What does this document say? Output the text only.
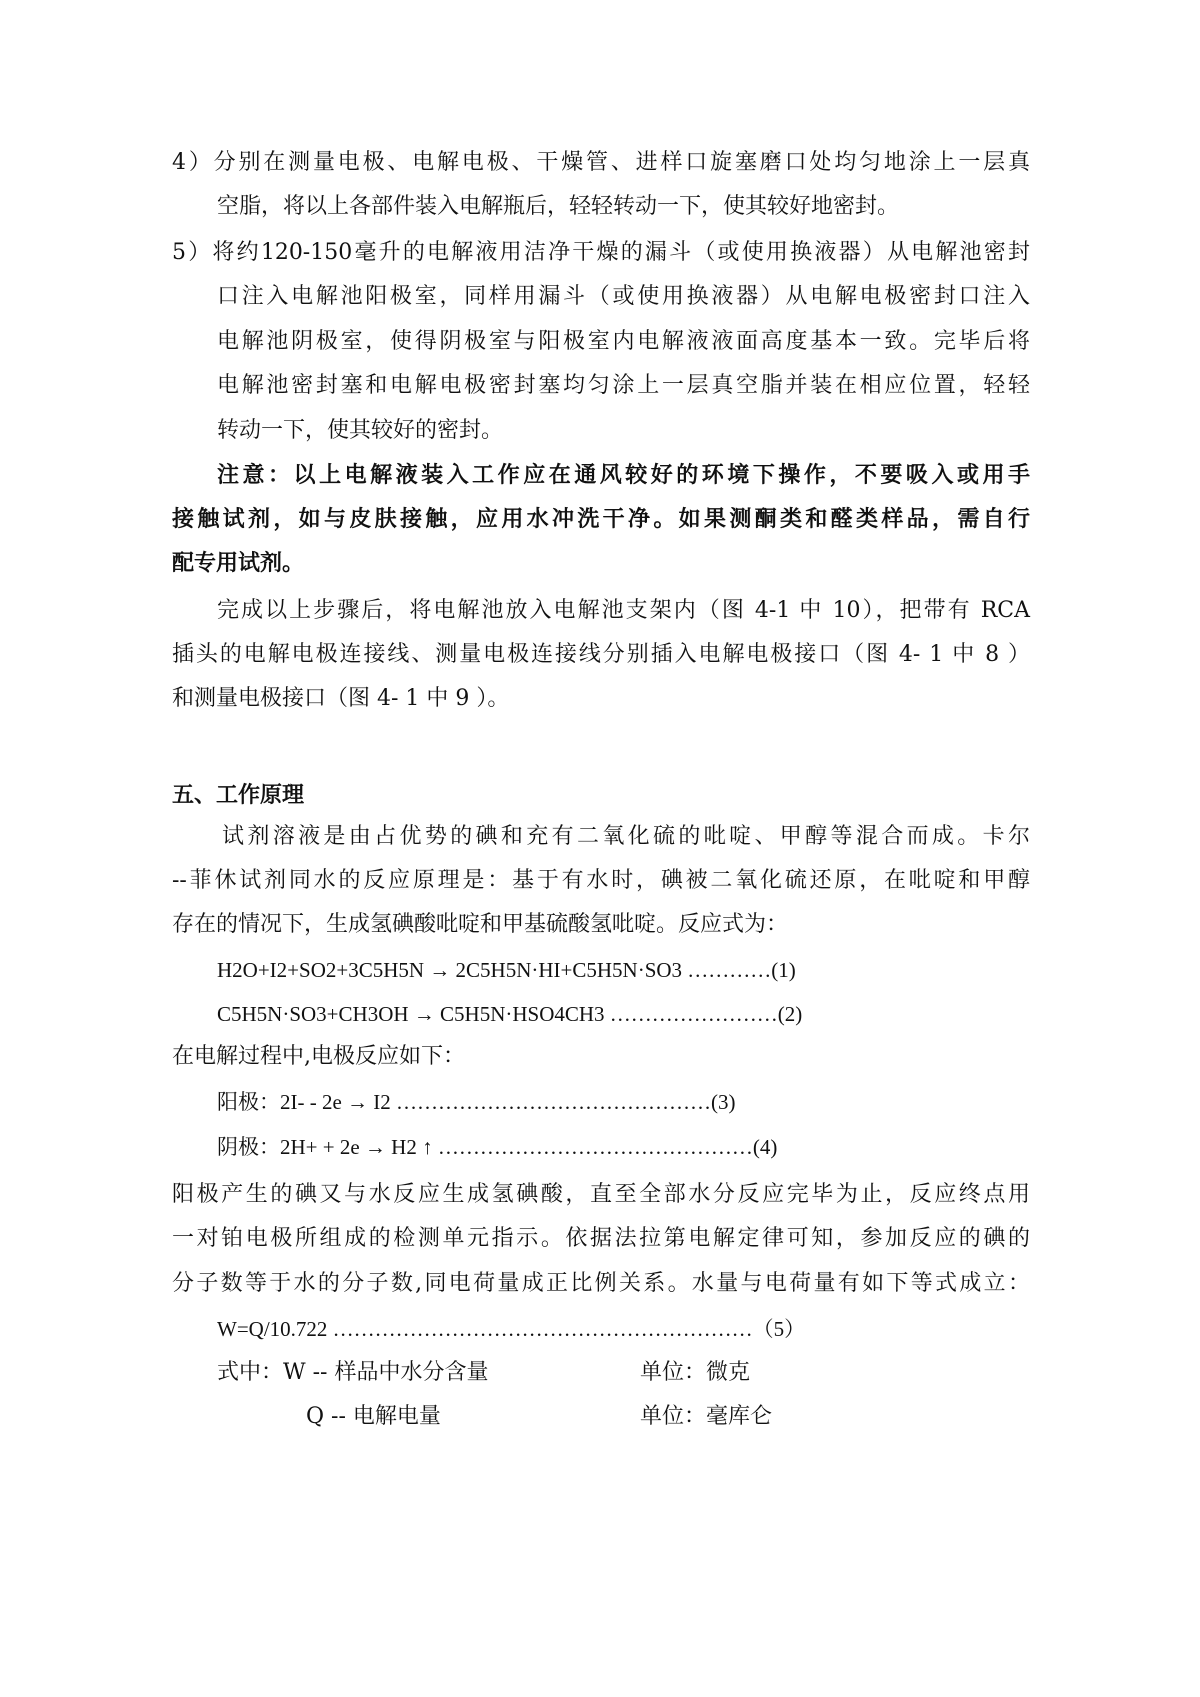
4）分别在测量电极、电解电极、干燥管、进样口旋塞磨口处均匀地涂上一层真
空脂，将以上各部件装入电解瓶后，轻轻转动一下，使其较好地密封。
5）将约120-150毫升的电解液用洁净干燥的漏斗（或使用换液器）从电解池密封
口注入电解池阳极室，同样用漏斗（或使用换液器）从电解电极密封口注入
电解池阴极室，使得阴极室与阳极室内电解液液面高度基本一致。完毕后将
电解池密封塞和电解电极密封塞均匀涂上一层真空脂并装在相应位置，轻轻
转动一下，使其较好的密封。
注意：以上电解液装入工作应在通风较好的环境下操作，不要吸入或用手
接触试剂，如与皮肤接触，应用水冲洗干净。如果测酮类和醛类样品，需自行
配专用试剂。
完成以上步骤后，将电解池放入电解池支架内（图 4-1 中 10），把带有 RCA
插头的电解电极连接线、测量电极连接线分别插入电解电极接口（图 4- 1 中 8 ）
和测量电极接口（图 4- 1 中 9 ）。
五、工作原理
试剂溶液是由占优势的碘和充有二氧化硫的吡啶、甲醇等混合而成。卡尔
--菲休试剂同水的反应原理是：基于有水时，碘被二氧化硫还原，在吡啶和甲醇
存在的情况下，生成氢碘酸吡啶和甲基硫酸氢吡啶。反应式为：
H2O+I2+SO2+3C5H5N → 2C5H5N·HI+C5H5N·SO3 …………(1)
C5H5N·SO3+CH3OH → C5H5N·HSO4CH3 ……………………(2)
在电解过程中,电极反应如下：
阳极：2I- - 2e → I2 ………………………………………(3)
阴极：2H+ + 2e → H2 ↑ ………………………………………(4)
阳极产生的碘又与水反应生成氢碘酸，直至全部水分反应完毕为止，反应终点用
一对铂电极所组成的检测单元指示。依据法拉第电解定律可知，参加反应的碘的
分子数等于水的分子数,同电荷量成正比例关系。水量与电荷量有如下等式成立：
W=Q/10.722 ……………………………………………………（5）
式中：W -- 样品中水分含量	单位：微克
Q -- 电解电量	单位：毫库仑
